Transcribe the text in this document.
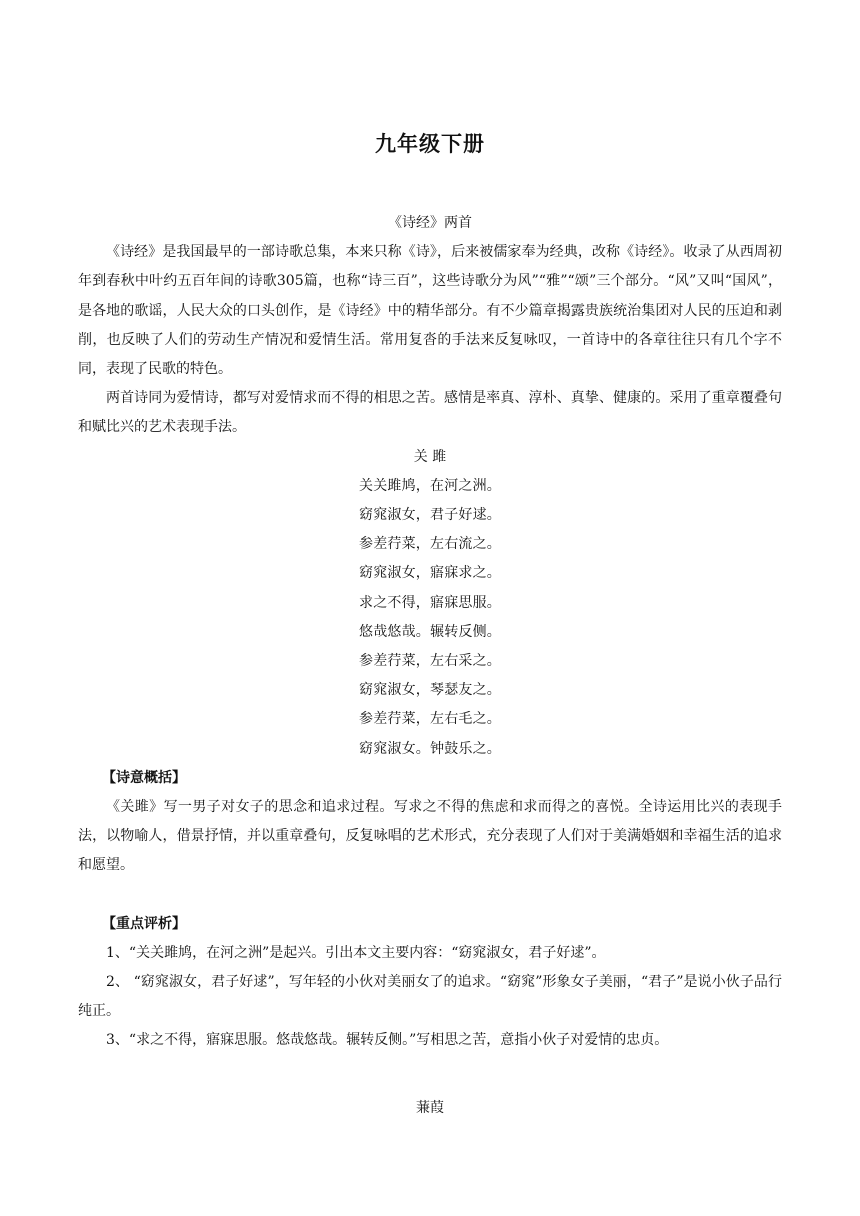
九年级下册
《诗经》两首
《诗经》是我国最早的一部诗歌总集，本来只称《诗》，后来被儒家奉为经典，改称《诗经》。收录了从西周初年到春秋中叶约五百年间的诗歌305篇，也称“诗三百”，这些诗歌分为风”“雅”“颂”三个部分。“风”又叫“国风”，是各地的歌谣，人民大众的口头创作，是《诗经》中的精华部分。有不少篇章揭露贵族统治集团对人民的压迫和剥削，也反映了人们的劳动生产情况和爱情生活。常用复沓的手法来反复咏叹，一首诗中的各章往往只有几个字不同，表现了民歌的特色。
两首诗同为爱情诗，都写对爱情求而不得的相思之苦。感情是率真、淳朴、真挚、健康的。采用了重章覆叠句和赋比兴的艺术表现手法。
关 雎
关关雎鸠，在河之洲。
窈窕淑女，君子好逑。
参差荇菜，左右流之。
窈窕淑女，寤寐求之。
求之不得，寤寐思服。
悠哉悠哉。辗转反侧。
参差荇菜，左右采之。
窈窕淑女，琴瑟友之。
参差荇菜，左右毛之。
窈窕淑女。钟鼓乐之。
【诗意概括】
《关雎》写一男子对女子的思念和追求过程。写求之不得的焦虑和求而得之的喜悦。全诗运用比兴的表现手法，以物喻人，借景抒情，并以重章叠句，反复咏唱的艺术形式，充分表现了人们对于美满婚姻和幸福生活的追求和愿望。
【重点评析】
1、“关关雎鸠，在河之洲”是起兴。引出本文主要内容：“窈窕淑女，君子好逑”。
2、 “窈窕淑女，君子好逑”，写年轻的小伙对美丽女了的追求。“窈窕”形象女子美丽，“君子”是说小伙子品行纯正。
3、“求之不得，寤寐思服。悠哉悠哉。辗转反侧。”写相思之苦，意指小伙子对爱情的忠贞。
蒹葭
